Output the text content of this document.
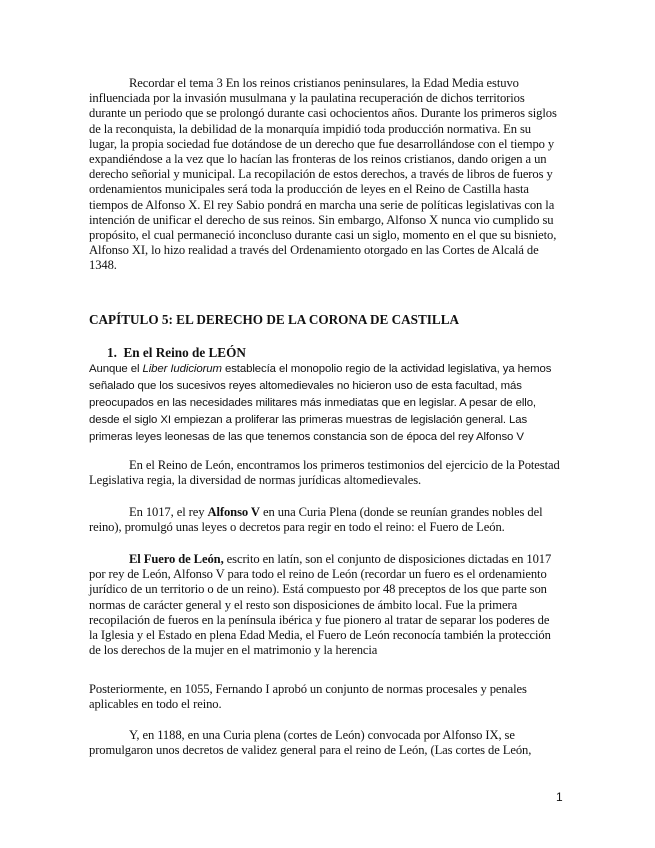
Recordar el tema 3 En los reinos cristianos peninsulares, la Edad Media estuvo influenciada por la invasión musulmana y la paulatina recuperación de dichos territorios durante un periodo que se prolongó durante casi ochocientos años. Durante los primeros siglos de la reconquista, la debilidad de la monarquía impidió toda producción normativa. En su lugar, la propia sociedad fue dotándose de un derecho que fue desarrollándose con el tiempo y expandiéndose a la vez que lo hacían las fronteras de los reinos cristianos, dando origen a un derecho señorial y municipal. La recopilación de estos derechos, a través de libros de fueros y ordenamientos municipales será toda la producción de leyes en el Reino de Castilla hasta tiempos de Alfonso X. El rey Sabio pondrá en marcha una serie de políticas legislativas con la intención de unificar el derecho de sus reinos. Sin embargo, Alfonso X nunca vio cumplido su propósito, el cual permaneció inconcluso durante casi un siglo, momento en el que su bisnieto, Alfonso XI, lo hizo realidad a través del Ordenamiento otorgado en las Cortes de Alcalá de 1348.

CAPÍTULO 5: EL DERECHO DE LA CORONA DE CASTILLA

1. En el Reino de LEÓN

Aunque el Liber Iudiciorum establecía el monopolio regio de la actividad legislativa, ya hemos señalado que los sucesivos reyes altomedievales no hicieron uso de esta facultad, más preocupados en las necesidades militares más inmediatas que en legislar. A pesar de ello, desde el siglo XI empiezan a proliferar las primeras muestras de legislación general. Las primeras leyes leonesas de las que tenemos constancia son de época del rey Alfonso V

En el Reino de León, encontramos los primeros testimonios del ejercicio de la Potestad Legislativa regia, la diversidad de normas jurídicas altomedievales.

En 1017, el rey Alfonso V en una Curia Plena (donde se reunían grandes nobles del reino), promulgó unas leyes o decretos para regir en todo el reino: el Fuero de León.

El Fuero de León, escrito en latín, son el conjunto de disposiciones dictadas en 1017 por rey de León, Alfonso V para todo el reino de León (recordar un fuero es el ordenamiento jurídico de un territorio o de un reino). Está compuesto por 48 preceptos de los que parte son normas de carácter general y el resto son disposiciones de ámbito local. Fue la primera recopilación de fueros en la península ibérica y fue pionero al tratar de separar los poderes de la Iglesia y el Estado en plena Edad Media, el Fuero de León reconocía también la protección de los derechos de la mujer en el matrimonio y la herencia

Posteriormente, en 1055, Fernando I aprobó un conjunto de normas procesales y penales aplicables en todo el reino.

Y, en 1188, en una Curia plena (cortes de León) convocada por Alfonso IX, se promulgaron unos decretos de validez general para el reino de León, (Las cortes de León,

1
